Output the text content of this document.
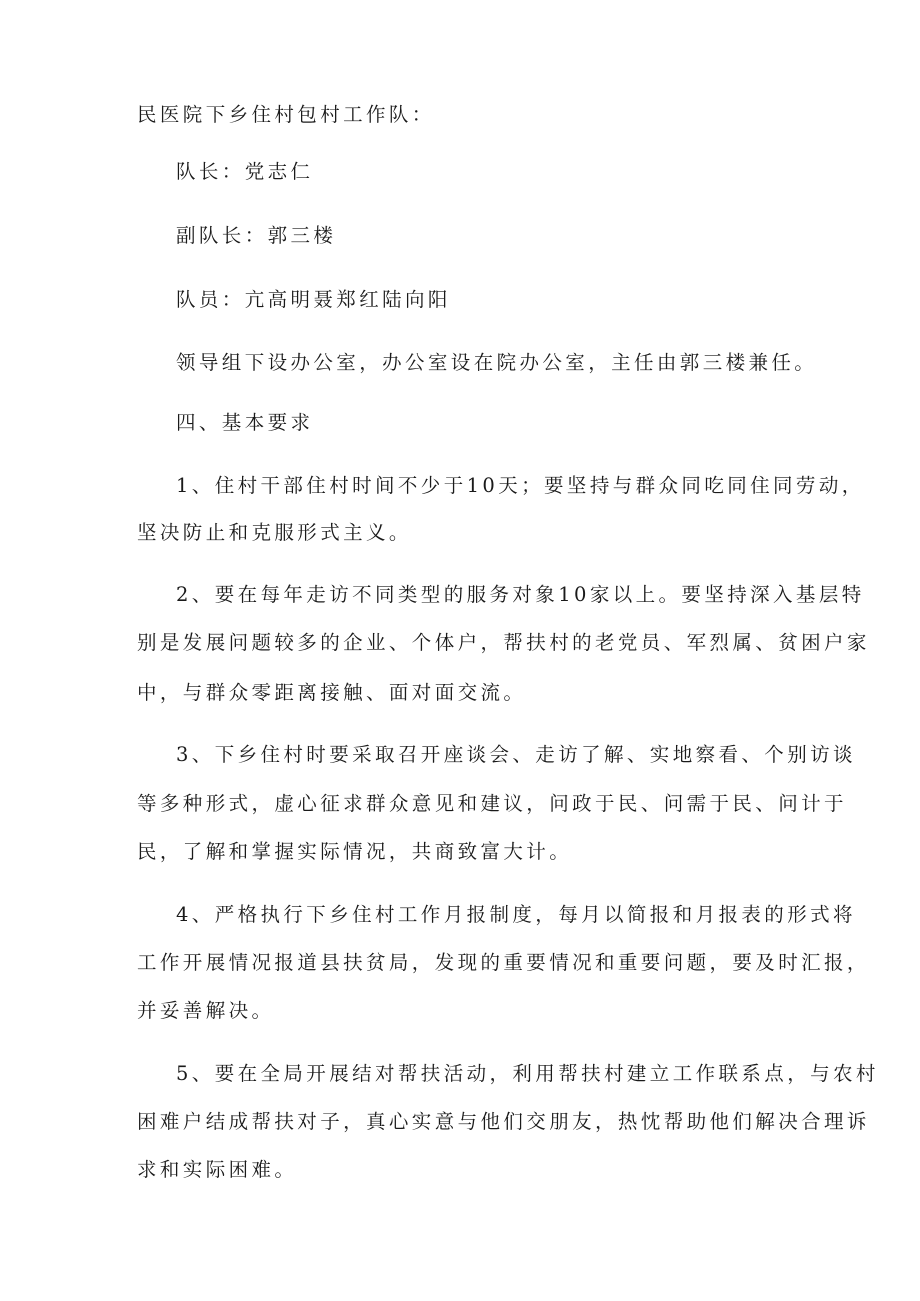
民医院下乡住村包村工作队：
队长：党志仁
副队长：郭三楼
队员：亢高明聂郑红陆向阳
领导组下设办公室，办公室设在院办公室，主任由郭三楼兼任。
四、基本要求
1、住村干部住村时间不少于10天；要坚持与群众同吃同住同劳动，
坚决防止和克服形式主义。
2、要在每年走访不同类型的服务对象10家以上。要坚持深入基层特
别是发展问题较多的企业、个体户，帮扶村的老党员、军烈属、贫困户家
中，与群众零距离接触、面对面交流。
3、下乡住村时要采取召开座谈会、走访了解、实地察看、个别访谈
等多种形式，虚心征求群众意见和建议，问政于民、问需于民、问计于
民，了解和掌握实际情况，共商致富大计。
4、严格执行下乡住村工作月报制度，每月以简报和月报表的形式将
工作开展情况报道县扶贫局，发现的重要情况和重要问题，要及时汇报，
并妥善解决。
5、要在全局开展结对帮扶活动，利用帮扶村建立工作联系点，与农村
困难户结成帮扶对子，真心实意与他们交朋友，热忱帮助他们解决合理诉
求和实际困难。
